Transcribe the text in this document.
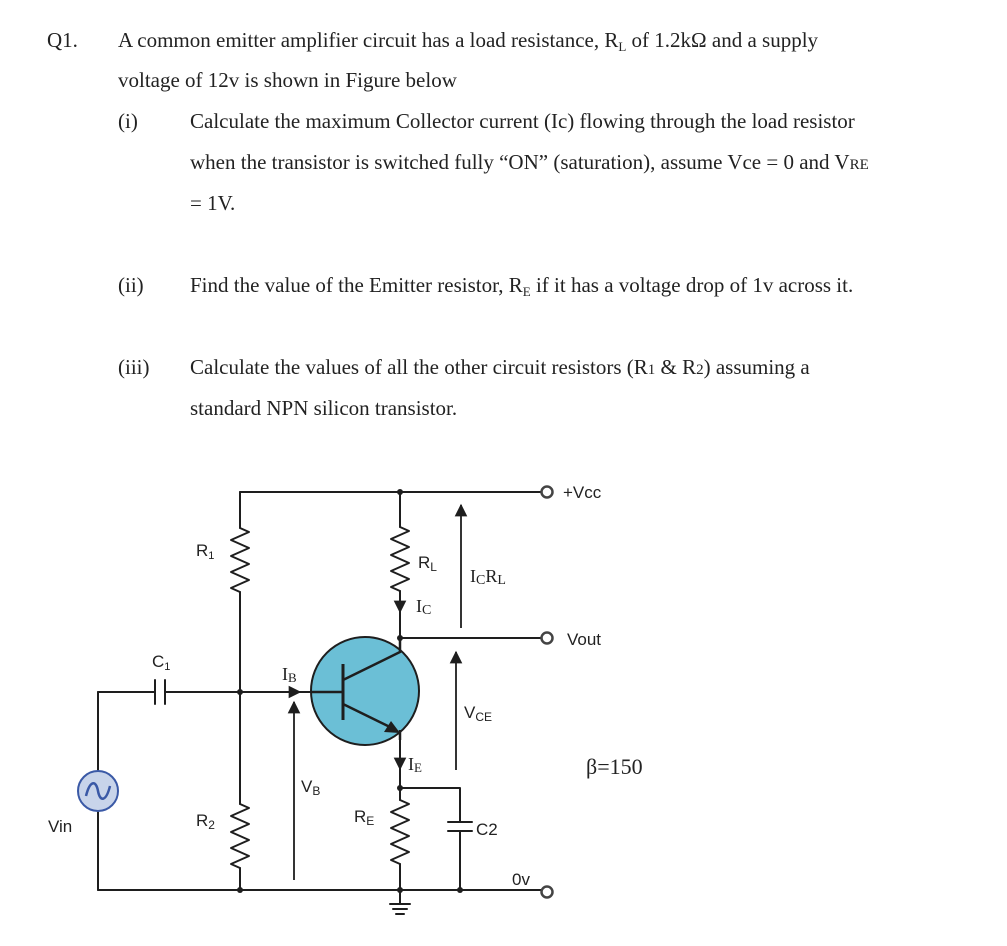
Q1. A common emitter amplifier circuit has a load resistance, $R_L$ of 1.2kΩ and a supply
voltage of 12v is shown in Figure below
(i) Calculate the maximum Collector current (Ic) flowing through the load resistor
when the transistor is switched fully “ON” (saturation), assume Vce = 0 and VRE
= 1V.
(ii) Find the value of the Emitter resistor, $R_E$ if it has a voltage drop of 1v across it.
(iii) Calculate the values of all the other circuit resistors (R1 & R2) assuming a
standard NPN silicon transistor.
+Vcc
Vout
Vin
0v
β=150
R1
R2
C1
C2
RL
RE
IC
ICRL
IB
IE
VB
VCE
